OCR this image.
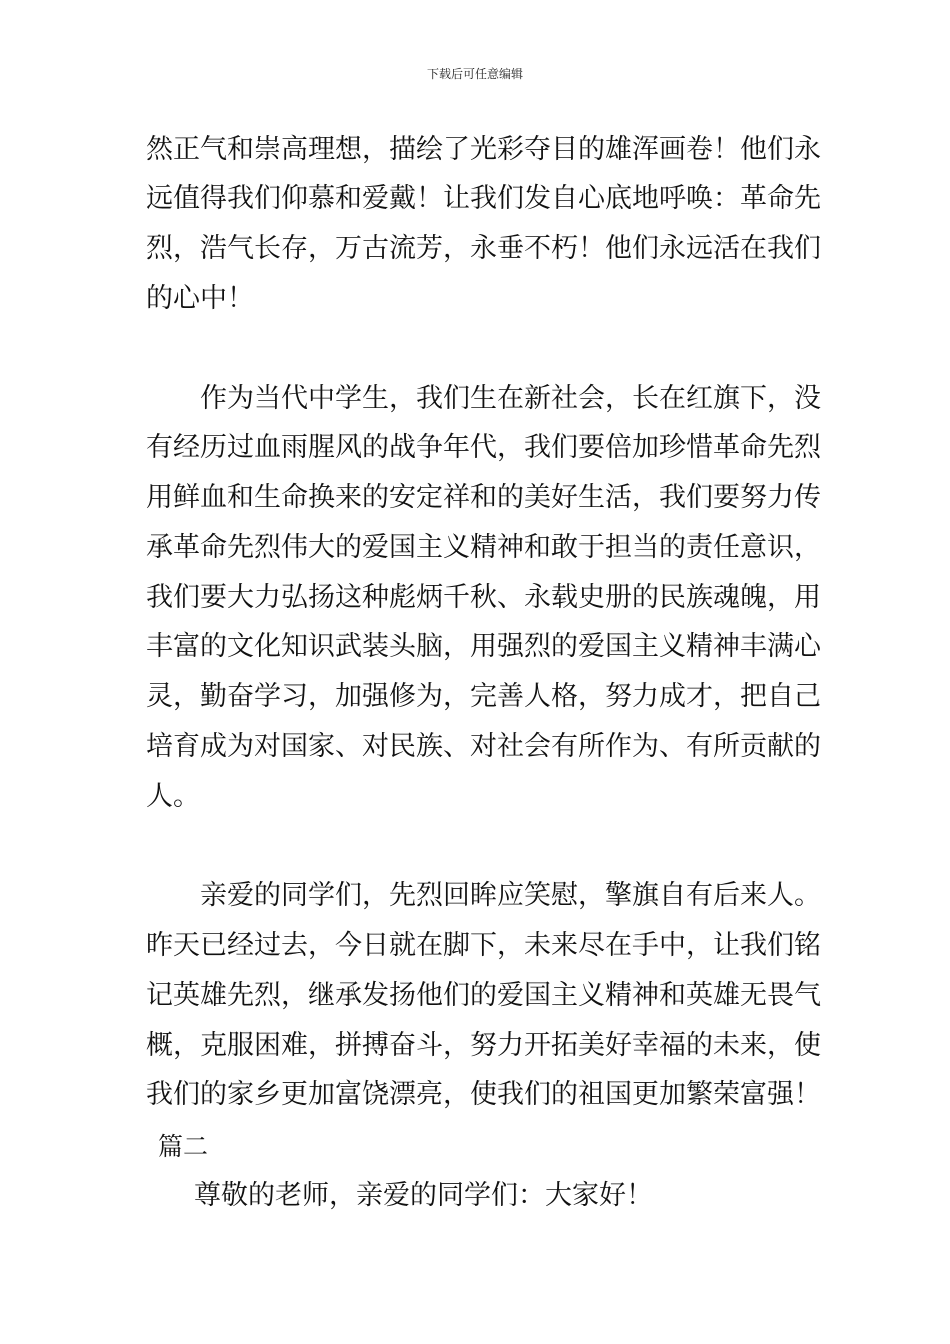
下载后可任意编辑
然正气和崇高理想，描绘了光彩夺目的雄浑画卷！他们永
远值得我们仰慕和爱戴！让我们发自心底地呼唤：革命先
烈，浩气长存，万古流芳，永垂不朽！他们永远活在我们
的心中！
作为当代中学生，我们生在新社会，长在红旗下，没
有经历过血雨腥风的战争年代，我们要倍加珍惜革命先烈
用鲜血和生命换来的安定祥和的美好生活，我们要努力传
承革命先烈伟大的爱国主义精神和敢于担当的责任意识，
我们要大力弘扬这种彪炳千秋、永载史册的民族魂魄，用
丰富的文化知识武装头脑，用强烈的爱国主义精神丰满心
灵，勤奋学习，加强修为，完善人格，努力成才，把自己
培育成为对国家、对民族、对社会有所作为、有所贡献的
人。
亲爱的同学们，先烈回眸应笑慰，擎旗自有后来人。
昨天已经过去，今日就在脚下，未来尽在手中，让我们铭
记英雄先烈，继承发扬他们的爱国主义精神和英雄无畏气
概，克服困难，拼搏奋斗，努力开拓美好幸福的未来，使
我们的家乡更加富饶漂亮，使我们的祖国更加繁荣富强！
篇二
尊敬的老师，亲爱的同学们：大家好！
